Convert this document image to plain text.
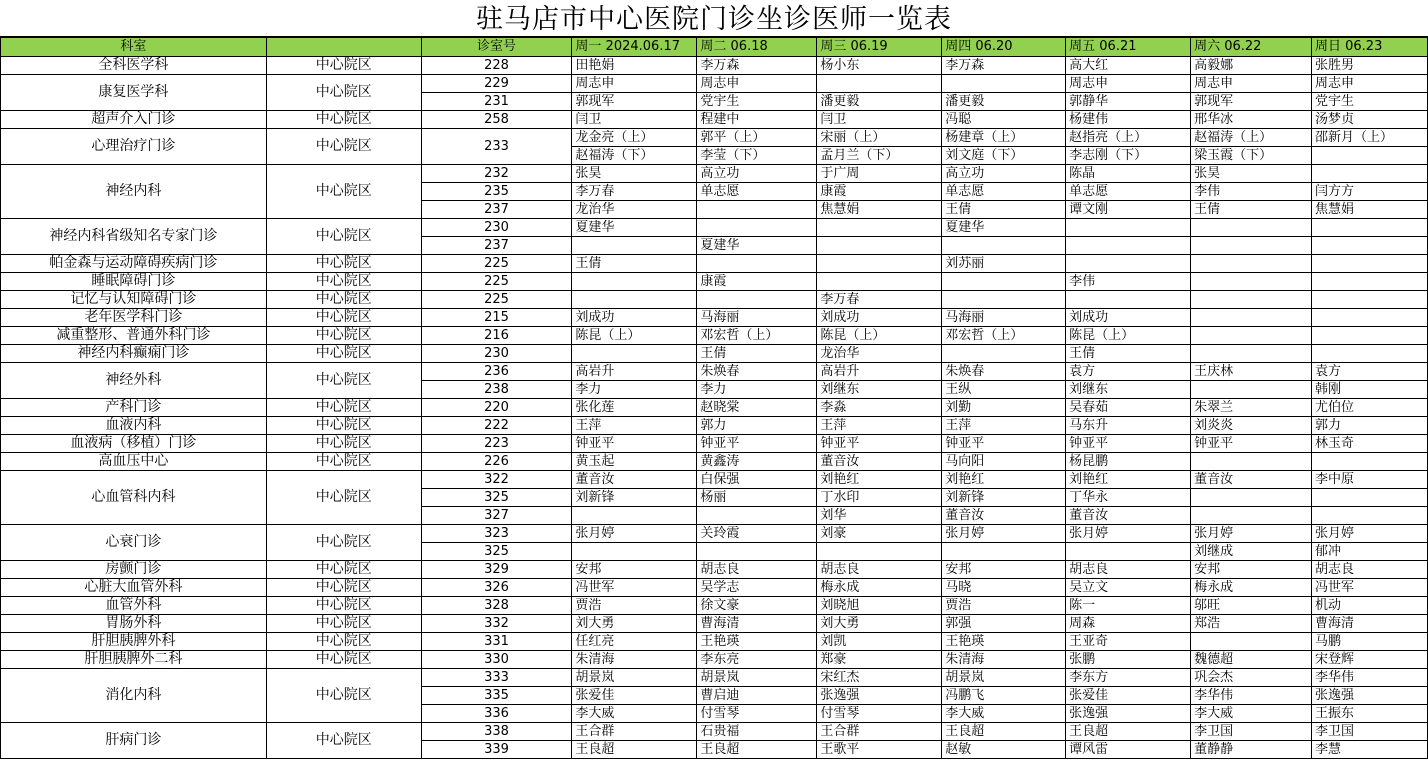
驻马店市中心医院门诊坐诊医师一览表
科室		诊室号	周一 2024.06.17	周二 06.18	周三 06.19	周四 06.20	周五 06.21	周六 06.22	周日 06.23
全科医学科	中心院区	228	田艳娟	李万森	杨小东	李万森	高大红	高毅娜	张胜男
康复医学科	中心院区	229	周志申	周志申			周志申	周志申	周志申
		231	郭现军	党宇生	潘更毅	潘更毅	郭静华	郭现军	党宇生
超声介入门诊	中心院区	258	闫卫	程建中	闫卫	冯聪	杨建伟	邢华冰	汤梦贞
心理治疗门诊	中心院区	233	龙金亮（上）	郭平（上）	宋丽（上）	杨建章（上）	赵指亮（上）	赵福涛（上）	邵新月（上）
			赵福涛（下）	李莹（下）	孟月兰（下）	刘文庭（下）	李志刚（下）	梁玉霞（下）	
神经内科	中心院区	232	张昊	高立功	于广周	高立功	陈晶	张昊	
		235	李万春	单志愿	康霞	单志愿	单志愿	李伟	闫方方
		237	龙治华		焦慧娟	王倩	谭文刚	王倩	焦慧娟
神经内科省级知名专家门诊	中心院区	230	夏建华			夏建华			
		237		夏建华					
帕金森与运动障碍疾病门诊	中心院区	225	王倩			刘苏丽			
睡眠障碍门诊	中心院区	225		康霞			李伟		
记忆与认知障碍门诊	中心院区	225			李万春				
老年医学科门诊	中心院区	215	刘成功	马海丽	刘成功	马海丽	刘成功		
减重整形、普通外科门诊	中心院区	216	陈昆（上）	邓宏哲（上）	陈昆（上）	邓宏哲（上）	陈昆（上）		
神经内科癫痫门诊	中心院区	230		王倩	龙治华		王倩		
神经外科	中心院区	236	高岩升	朱焕春	高岩升	朱焕春	袁方	王庆林	袁方
		238	李力	李力	刘继东	王纵	刘继东		韩刚
产科门诊	中心院区	220	张化莲	赵晓棠	李淼	刘勤	吴春茹	朱翠兰	尤伯位
血液内科	中心院区	222	王萍	郭力	王萍	王萍	马东升	刘炎炎	郭力
血液病（移植）门诊	中心院区	223	钟亚平	钟亚平	钟亚平	钟亚平	钟亚平	钟亚平	林玉奇
高血压中心	中心院区	226	黄玉起	黄鑫涛	董音汝	马向阳	杨昆鹏		
心血管科内科	中心院区	322	董音汝	白保强	刘艳红	刘艳红	刘艳红	董音汝	李中原
		325	刘新锋	杨丽	丁水印	刘新锋	丁华永		
		327			刘华	董音汝	董音汝		
心衰门诊	中心院区	323	张月婷	关玲霞	刘豪	张月婷	张月婷	张月婷	张月婷
		325						刘继成	郁冲
房颤门诊	中心院区	329	安邦	胡志良	胡志良	安邦	胡志良	安邦	胡志良
心脏大血管外科	中心院区	326	冯世军	吴学志	梅永成	马晓	吴立文	梅永成	冯世军
血管外科	中心院区	328	贾浩	徐文豪	刘晓旭	贾浩	陈一	邬旺	机动
胃肠外科	中心院区	332	刘大勇	曹海清	刘大勇	郭强	周森	郑浩	曹海清
肝胆胰脾外科	中心院区	331	任红亮	王艳瑛	刘凯	王艳瑛	王亚奇		马鹏
肝胆胰脾外二科	中心院区	330	朱清海	李东亮	郑豪	朱清海	张鹏	魏德超	宋登辉
消化内科	中心院区	333	胡景岚	胡景岚	宋红杰	胡景岚	李东方	巩会杰	李华伟
		335	张爱佳	曹启迪	张逸强	冯鹏飞	张爱佳	李华伟	张逸强
		336	李大威	付雪琴	付雪琴	李大威	张逸强	李大威	王振东
肝病门诊	中心院区	338	王合群	石贵福	王合群	王良超	王良超	李卫国	李卫国
		339	王良超	王良超	王歌平	赵敏	谭风雷	董静静	李慧
